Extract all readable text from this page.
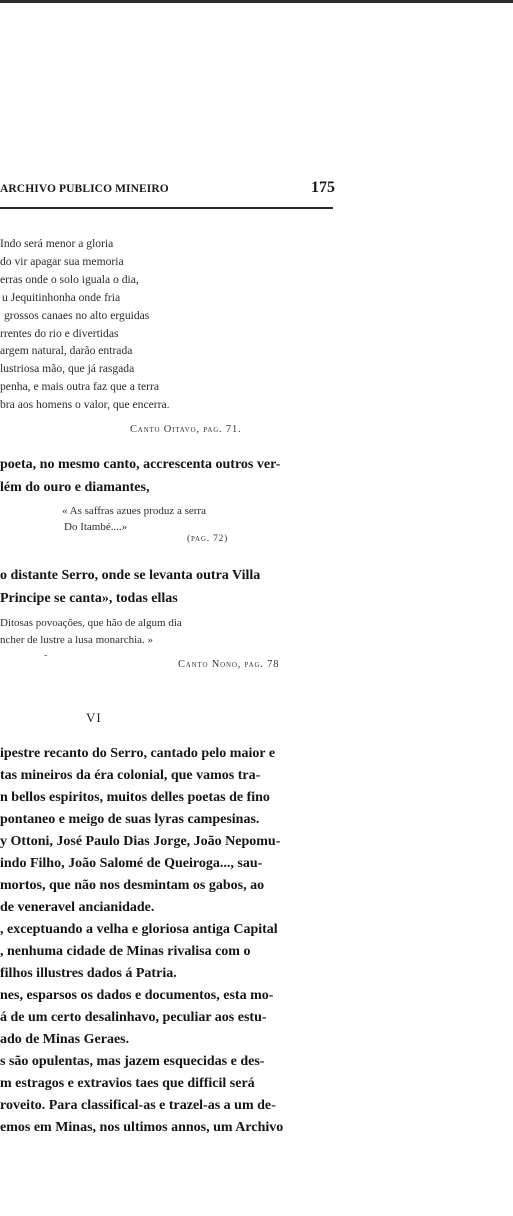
ARCHIVO PUBLICO MINEIRO	175
Indo será menor a gloria
do vir apagar sua memoria
erras onde o solo iguala o dia,
u Jequitinhonha onde fria
grossos canaes no alto erguidas
rrentes do rio e divertidas
argem natural, darão entrada
lustriosa mão, que já rasgada
penha, e mais outra faz que a terra
bra aos homens o valor, que encerra.
Canto Oitavo, pag. 71.
poeta, no mesmo canto, accrescenta outros ver-
lém do ouro e diamantes,
« As saffras azues produz a serra
Do Itambé....»
(pag. 72)
o distante Serro, onde se levanta outra Villa
Principe se canta», todas ellas
Ditosas povoações, que hão de algum dia
ncher de lustre a lusa monarchia. »
-
Canto Nono, pag. 78
VI
ipestre recanto do Serro, cantado pelo maior e
tas mineiros da éra colonial, que vamos tra-
n bellos espiritos, muitos delles poetas de fino
pontaneo e meigo de suas lyras campesinas.
y Ottoni, José Paulo Dias Jorge, João Nepomu-
indo Filho, João Salomé de Queiroga..., sau-
mortos, que não nos desmintam os gabos, ao
de veneravel ancianidade.
, exceptuando a velha e gloriosa antiga Capital
, nenhuma cidade de Minas rivalisa com o
filhos illustres dados á Patria.
nes, esparsos os dados e documentos, esta mo-
á de um certo desalinhavo, peculiar aos estu-
ado de Minas Geraes.
s são opulentas, mas jazem esquecidas e des-
m estragos e extravios taes que difficil será
roveito. Para classifical-as e trazel-as a um de-
emos em Minas, nos ultimos annos, um Archivo
